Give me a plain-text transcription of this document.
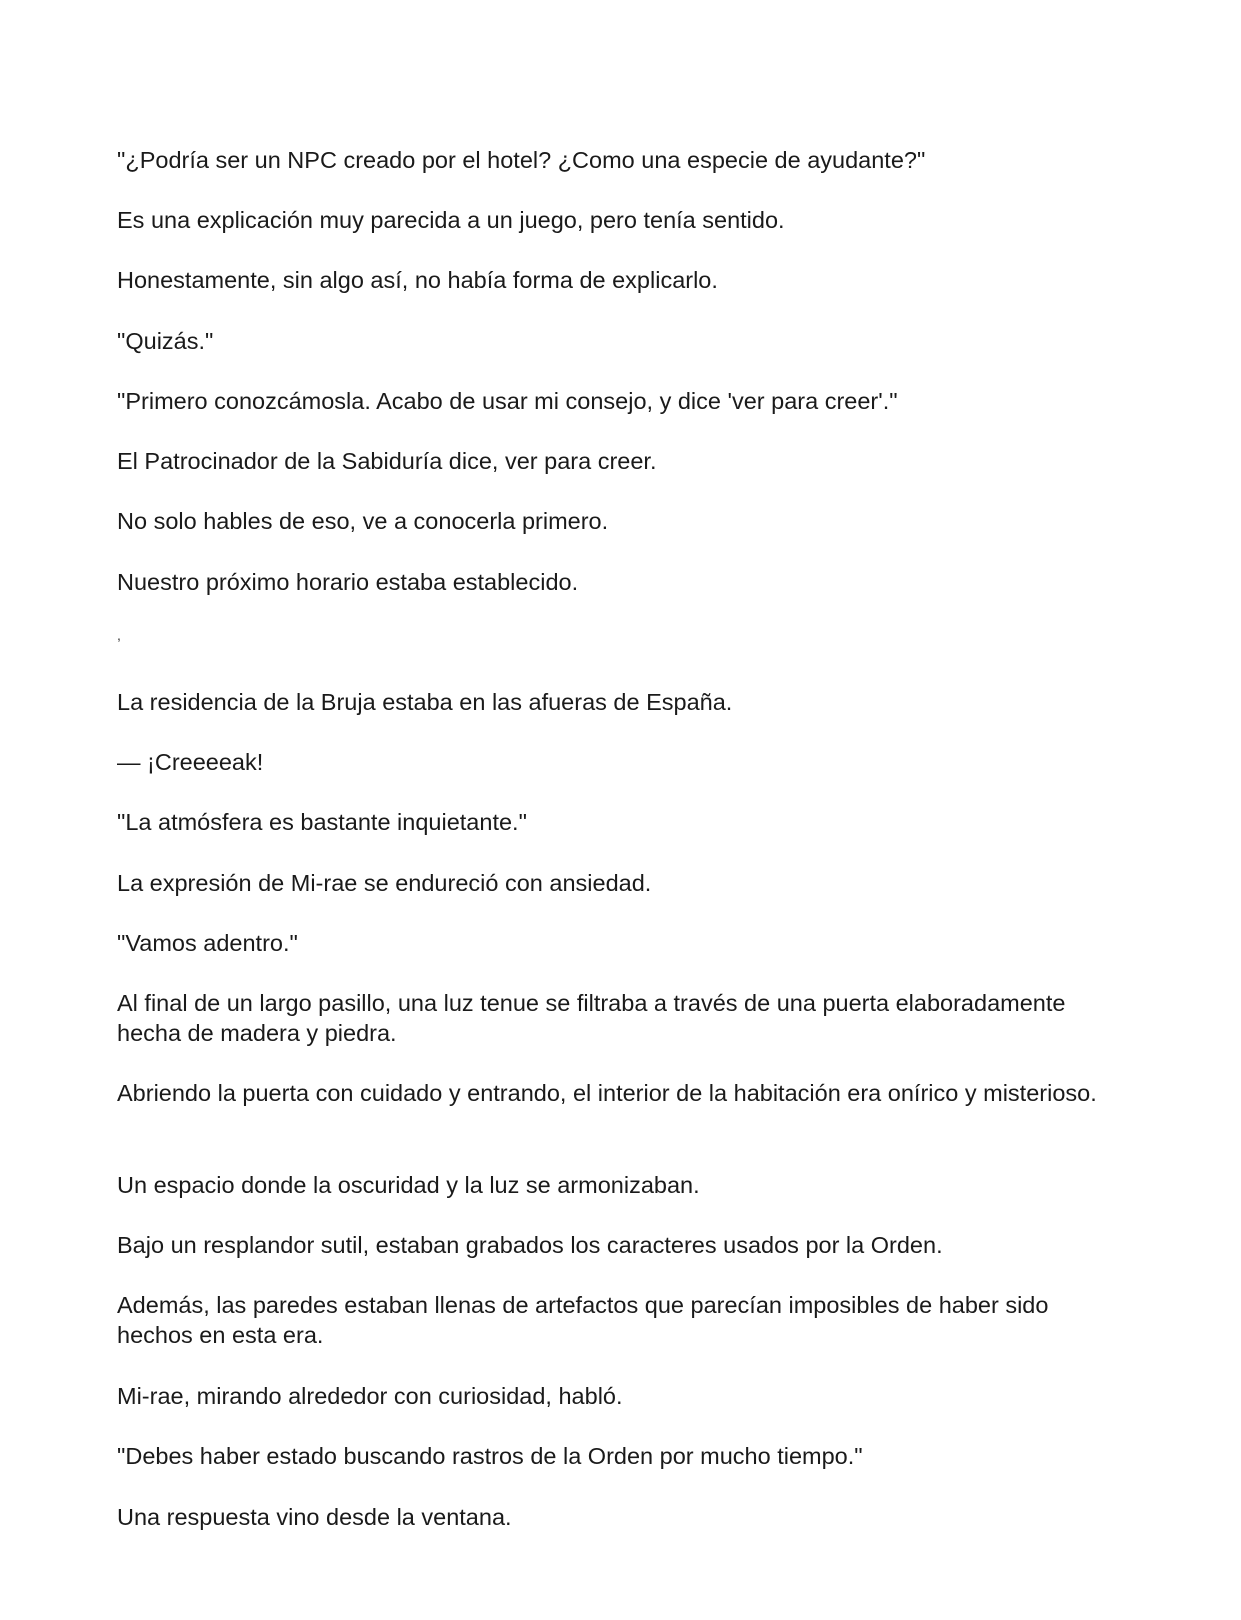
"¿Podría ser un NPC creado por el hotel? ¿Como una especie de ayudante?"

Es una explicación muy parecida a un juego, pero tenía sentido.

Honestamente, sin algo así, no había forma de explicarlo.

"Quizás."

"Primero conozcámosla. Acabo de usar mi consejo, y dice 'ver para creer'."

El Patrocinador de la Sabiduría dice, ver para creer.

No solo hables de eso, ve a conocerla primero.

Nuestro próximo horario estaba establecido.

,

La residencia de la Bruja estaba en las afueras de España.

— ¡Creeeeak!

"La atmósfera es bastante inquietante."

La expresión de Mi-rae se endureció con ansiedad.

"Vamos adentro."

Al final de un largo pasillo, una luz tenue se filtraba a través de una puerta elaboradamente hecha de madera y piedra.

Abriendo la puerta con cuidado y entrando, el interior de la habitación era onírico y misterioso.

Un espacio donde la oscuridad y la luz se armonizaban.

Bajo un resplandor sutil, estaban grabados los caracteres usados por la Orden.

Además, las paredes estaban llenas de artefactos que parecían imposibles de haber sido hechos en esta era.

Mi-rae, mirando alrededor con curiosidad, habló.

"Debes haber estado buscando rastros de la Orden por mucho tiempo."

Una respuesta vino desde la ventana.
